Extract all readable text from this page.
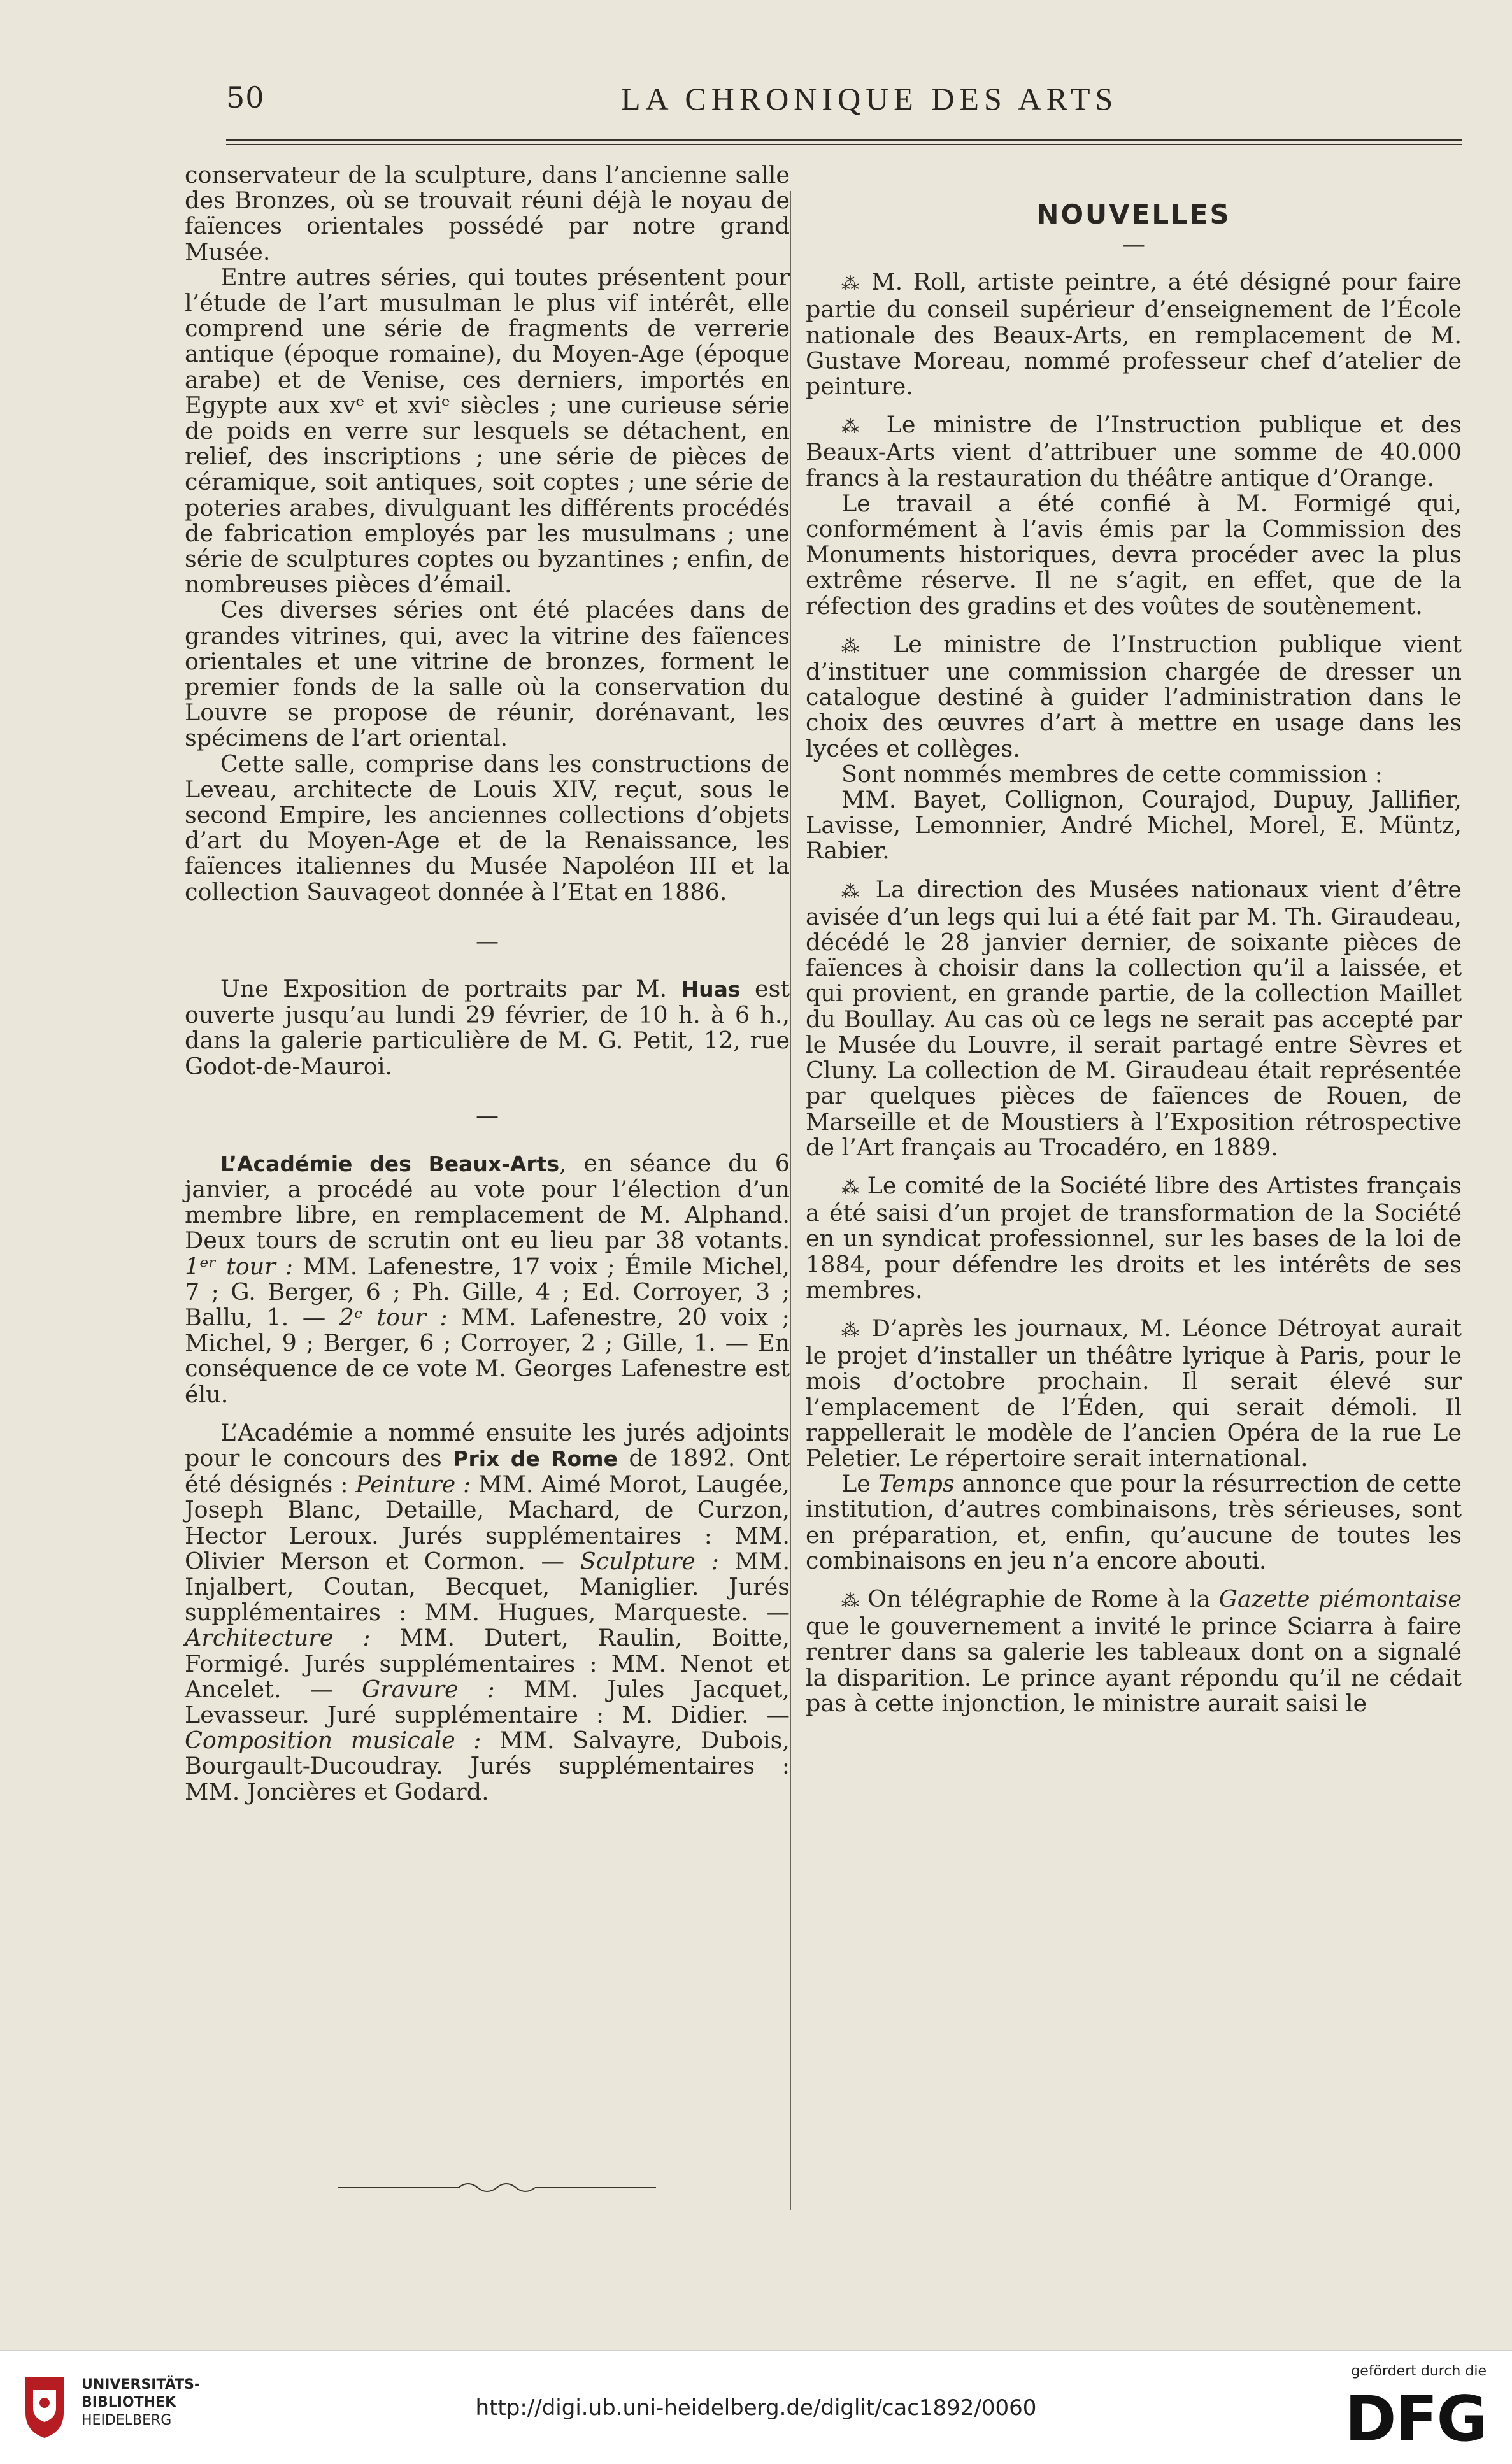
50	LA CHRONIQUE DES ARTS

conservateur de la sculpture, dans l’ancienne salle des Bronzes, où se trouvait réuni déjà le noyau de faïences orientales possédé par notre grand Musée.

Entre autres séries, qui toutes présentent pour l’étude de l’art musulman le plus vif intérêt, elle comprend une série de fragments de verrerie antique (époque romaine), du Moyen-Age (époque arabe) et de Venise, ces derniers, importés en Egypte aux xvᵉ et xviᵉ siècles ; une curieuse série de poids en verre sur lesquels se détachent, en relief, des inscriptions ; une série de pièces de céramique, soit antiques, soit coptes ; une série de poteries arabes, divulguant les différents procédés de fabrication employés par les musulmans ; une série de sculptures coptes ou byzantines ; enfin, de nombreuses pièces d’émail.

Ces diverses séries ont été placées dans de grandes vitrines, qui, avec la vitrine des faïences orientales et une vitrine de bronzes, forment le premier fonds de la salle où la conservation du Louvre se propose de réunir, dorénavant, les spécimens de l’art oriental.

Cette salle, comprise dans les constructions de Leveau, architecte de Louis XIV, reçut, sous le second Empire, les anciennes collections d’objets d’art du Moyen-Age et de la Renaissance, les faïences italiennes du Musée Napoléon III et la collection Sauvageot donnée à l’Etat en 1886.

—

Une Exposition de portraits par M. Huas est ouverte jusqu’au lundi 29 février, de 10 h. à 6 h., dans la galerie particulière de M. G. Petit, 12, rue Godot-de-Mauroi.

—

L’Académie des Beaux-Arts, en séance du 6 janvier, a procédé au vote pour l’élection d’un membre libre, en remplacement de M. Alphand. Deux tours de scrutin ont eu lieu par 38 votants. 1ᵉʳ tour : MM. Lafenestre, 17 voix ; Émile Michel, 7 ; G. Berger, 6 ; Ph. Gille, 4 ; Ed. Corroyer, 3 ; Ballu, 1. — 2ᵉ tour : MM. Lafenestre, 20 voix ; Michel, 9 ; Berger, 6 ; Corroyer, 2 ; Gille, 1. — En conséquence de ce vote M. Georges Lafenestre est élu.

L’Académie a nommé ensuite les jurés adjoints pour le concours des Prix de Rome de 1892. Ont été désignés : Peinture : MM. Aimé Morot, Laugée, Joseph Blanc, Detaille, Machard, de Curzon, Hector Leroux. Jurés supplémentaires : MM. Olivier Merson et Cormon. — Sculpture : MM. Injalbert, Coutan, Becquet, Maniglier. Jurés supplémentaires : MM. Hugues, Marqueste. — Architecture : MM. Dutert, Raulin, Boitte, Formigé. Jurés supplémentaires : MM. Nenot et Ancelet. — Gravure : MM. Jules Jacquet, Levasseur. Juré supplémentaire : M. Didier. — Composition musicale : MM. Salvayre, Dubois, Bourgault-Ducoudray. Jurés supplémentaires : MM. Joncières et Godard.

NOUVELLES
—

⁂ M. Roll, artiste peintre, a été désigné pour faire partie du conseil supérieur d’enseignement de l’École nationale des Beaux-Arts, en remplacement de M. Gustave Moreau, nommé professeur chef d’atelier de peinture.

⁂ Le ministre de l’Instruction publique et des Beaux-Arts vient d’attribuer une somme de 40.000 francs à la restauration du théâtre antique d’Orange.

Le travail a été confié à M. Formigé qui, conformément à l’avis émis par la Commission des Monuments historiques, devra procéder avec la plus extrême réserve. Il ne s’agit, en effet, que de la réfection des gradins et des voûtes de soutènement.

⁂ Le ministre de l’Instruction publique vient d’instituer une commission chargée de dresser un catalogue destiné à guider l’administration dans le choix des œuvres d’art à mettre en usage dans les lycées et collèges.

Sont nommés membres de cette commission :

MM. Bayet, Collignon, Courajod, Dupuy, Jallifier, Lavisse, Lemonnier, André Michel, Morel, E. Müntz, Rabier.

⁂ La direction des Musées nationaux vient d’être avisée d’un legs qui lui a été fait par M. Th. Giraudeau, décédé le 28 janvier dernier, de soixante pièces de faïences à choisir dans la collection qu’il a laissée, et qui provient, en grande partie, de la collection Maillet du Boullay. Au cas où ce legs ne serait pas accepté par le Musée du Louvre, il serait partagé entre Sèvres et Cluny. La collection de M. Giraudeau était représentée par quelques pièces de faïences de Rouen, de Marseille et de Moustiers à l’Exposition rétrospective de l’Art français au Trocadéro, en 1889.

⁂ Le comité de la Société libre des Artistes français a été saisi d’un projet de transformation de la Société en un syndicat professionnel, sur les bases de la loi de 1884, pour défendre les droits et les intérêts de ses membres.

⁂ D’après les journaux, M. Léonce Détroyat aurait le projet d’installer un théâtre lyrique à Paris, pour le mois d’octobre prochain. Il serait élevé sur l’emplacement de l’Éden, qui serait démoli. Il rappellerait le modèle de l’ancien Opéra de la rue Le Peletier. Le répertoire serait international.

Le Temps annonce que pour la résurrection de cette institution, d’autres combinaisons, très sérieuses, sont en préparation, et, enfin, qu’aucune de toutes les combinaisons en jeu n’a encore abouti.

⁂ On télégraphie de Rome à la Gazette piémontaise que le gouvernement a invité le prince Sciarra à faire rentrer dans sa galerie les tableaux dont on a signalé la disparition. Le prince ayant répondu qu’il ne cédait pas à cette injonction, le ministre aurait saisi le

UNIVERSITÄTS-
BIBLIOTHEK
HEIDELBERG	http://digi.ub.uni-heidelberg.de/diglit/cac1892/0060
gefördert durch die
DFG
